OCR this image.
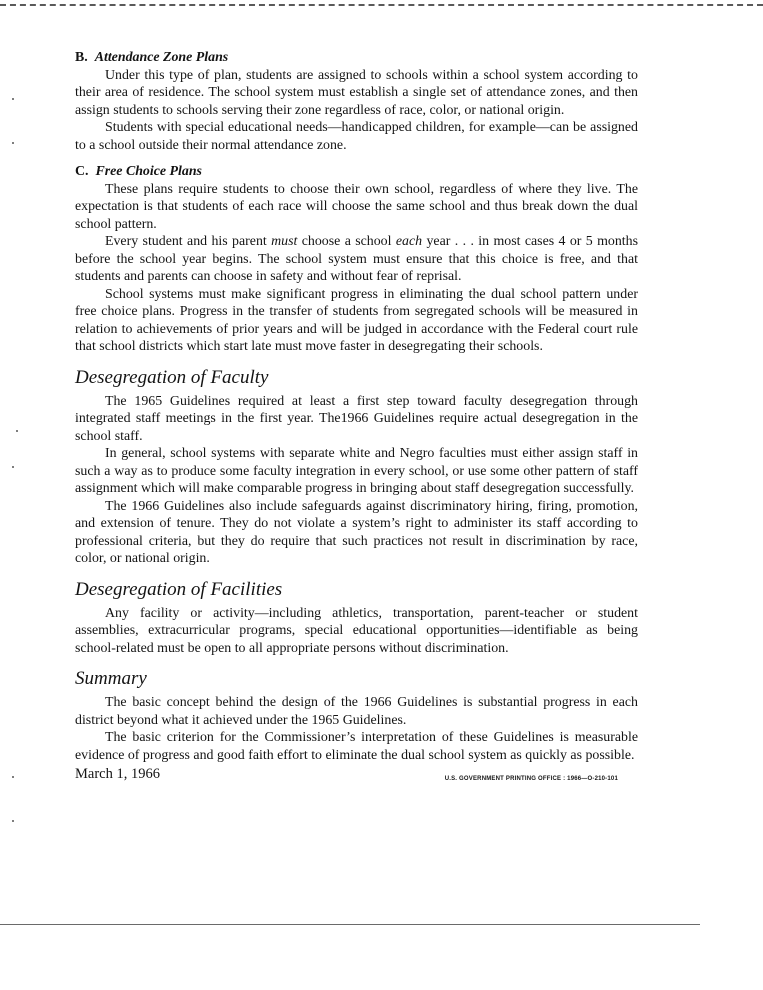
B. Attendance Zone Plans

Under this type of plan, students are assigned to schools within a school system according to their area of residence. The school system must establish a single set of attendance zones, and then assign students to schools serving their zone regardless of race, color, or national origin.

Students with special educational needs—handicapped children, for example—can be assigned to a school outside their normal attendance zone.

C. Free Choice Plans

These plans require students to choose their own school, regardless of where they live. The expectation is that students of each race will choose the same school and thus break down the dual school pattern.

Every student and his parent must choose a school each year . . . in most cases 4 or 5 months before the school year begins. The school system must ensure that this choice is free, and that students and parents can choose in safety and without fear of reprisal.

School systems must make significant progress in eliminating the dual school pattern under free choice plans. Progress in the transfer of students from segregated schools will be measured in relation to achievements of prior years and will be judged in accordance with the Federal court rule that school districts which start late must move faster in desegregating their schools.

Desegregation of Faculty

The 1965 Guidelines required at least a first step toward faculty desegregation through integrated staff meetings in the first year. The1966 Guidelines require actual desegregation in the school staff.

In general, school systems with separate white and Negro faculties must either assign staff in such a way as to produce some faculty integration in every school, or use some other pattern of staff assignment which will make comparable progress in bringing about staff desegregation successfully.

The 1966 Guidelines also include safeguards against discriminatory hiring, firing, promotion, and extension of tenure. They do not violate a system’s right to administer its staff according to professional criteria, but they do require that such practices not result in discrimination by race, color, or national origin.

Desegregation of Facilities

Any facility or activity—including athletics, transportation, parent-teacher or student assemblies, extracurricular programs, special educational opportunities—identifiable as being school-related must be open to all appropriate persons without discrimination.

Summary

The basic concept behind the design of the 1966 Guidelines is substantial progress in each district beyond what it achieved under the 1965 Guidelines.

The basic criterion for the Commissioner’s interpretation of these Guidelines is measurable evidence of progress and good faith effort to eliminate the dual school system as quickly as possible.

March 1, 1966	U.S. GOVERNMENT PRINTING OFFICE : 1966—O-210-101
